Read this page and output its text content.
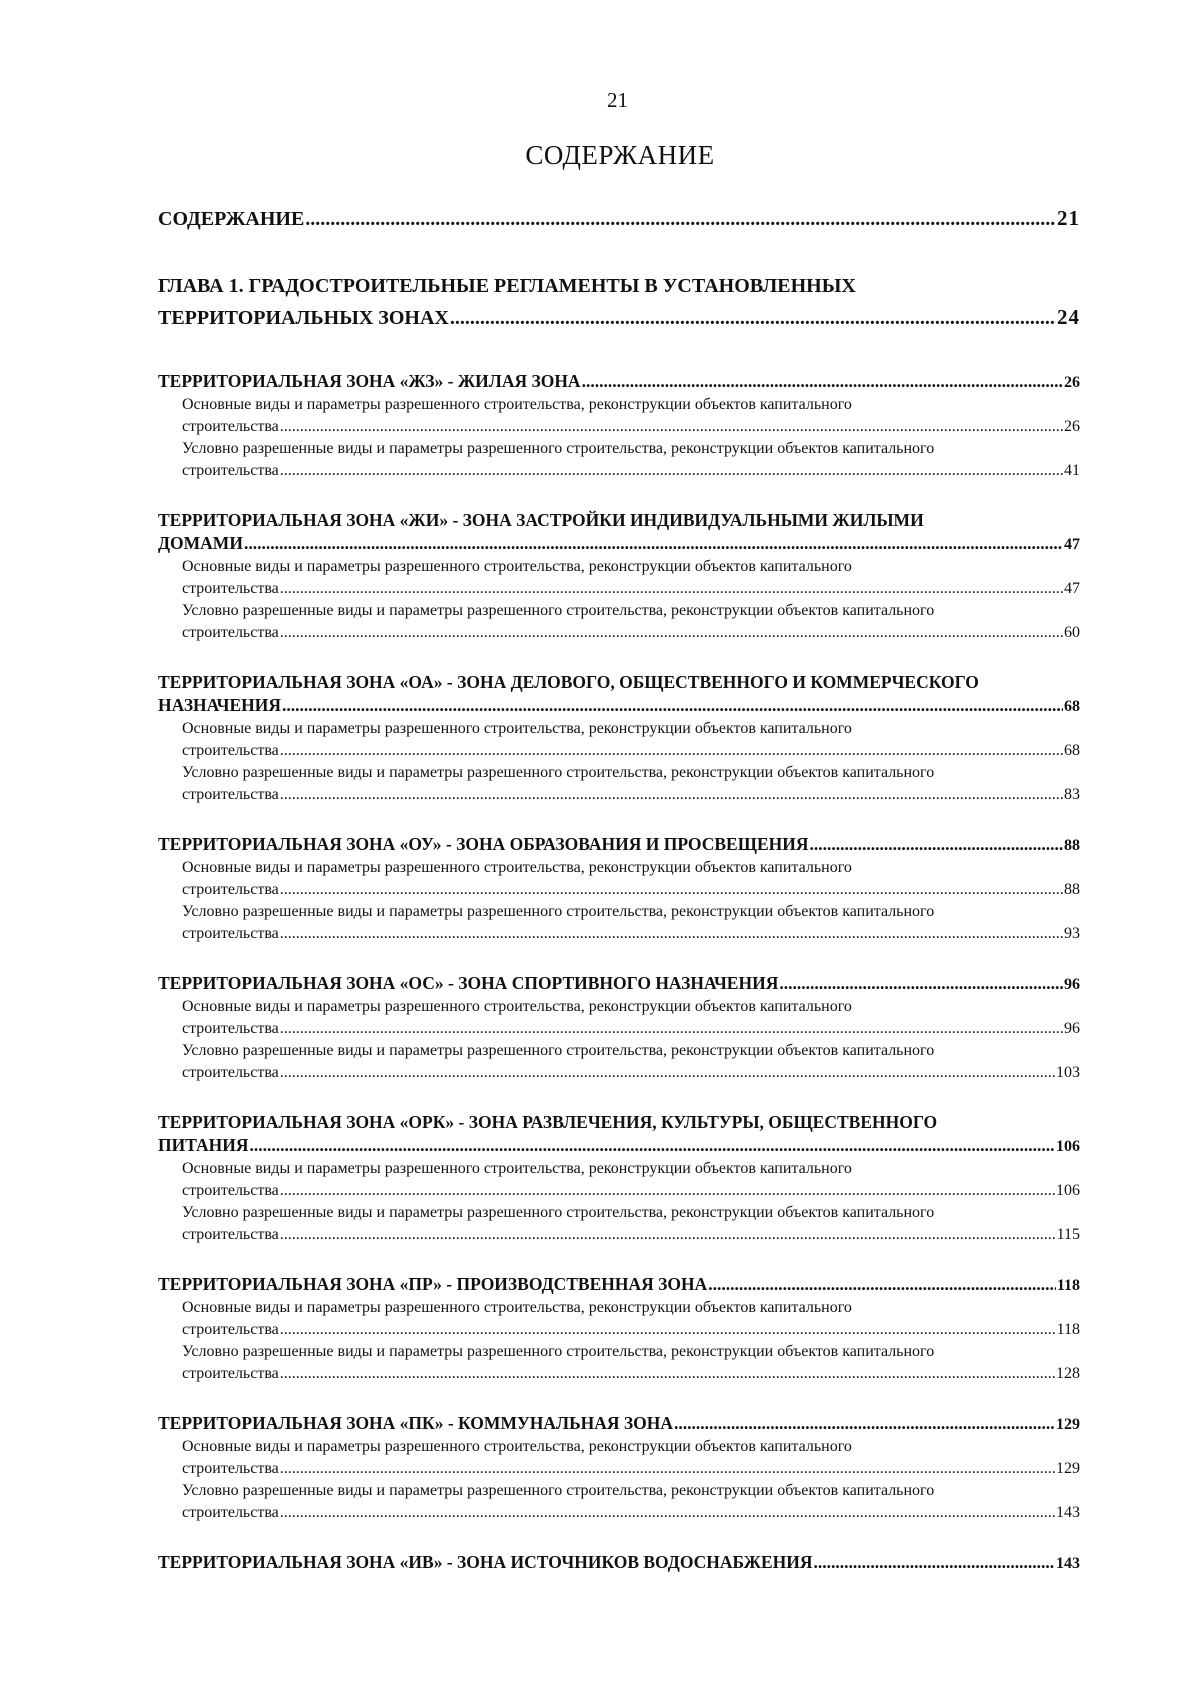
21
СОДЕРЖАНИЕ
СОДЕРЖАНИЕ .....	21
ГЛАВА 1. ГРАДОСТРОИТЕЛЬНЫЕ РЕГЛАМЕНТЫ В УСТАНОВЛЕННЫХ
ТЕРРИТОРИАЛЬНЫХ ЗОНАХ .....	24
ТЕРРИТОРИАЛЬНАЯ ЗОНА «ЖЗ» - ЖИЛАЯ ЗОНА .....	26
Основные виды и параметры разрешенного строительства, реконструкции объектов капитального
строительства .....	26
Условно разрешенные виды и параметры разрешенного строительства, реконструкции объектов капитального
строительства .....	41
ТЕРРИТОРИАЛЬНАЯ ЗОНА «ЖИ» - ЗОНА ЗАСТРОЙКИ ИНДИВИДУАЛЬНЫМИ ЖИЛЫМИ
ДОМАМИ .....	47
Основные виды и параметры разрешенного строительства, реконструкции объектов капитального
строительства .....	47
Условно разрешенные виды и параметры разрешенного строительства, реконструкции объектов капитального
строительства .....	60
ТЕРРИТОРИАЛЬНАЯ ЗОНА «ОА» - ЗОНА ДЕЛОВОГО, ОБЩЕСТВЕННОГО И КОММЕРЧЕСКОГО
НАЗНАЧЕНИЯ .....	68
Основные виды и параметры разрешенного строительства, реконструкции объектов капитального
строительства .....	68
Условно разрешенные виды и параметры разрешенного строительства, реконструкции объектов капитального
строительства .....	83
ТЕРРИТОРИАЛЬНАЯ ЗОНА «ОУ» - ЗОНА ОБРАЗОВАНИЯ И ПРОСВЕЩЕНИЯ .....	88
Основные виды и параметры разрешенного строительства, реконструкции объектов капитального
строительства .....	88
Условно разрешенные виды и параметры разрешенного строительства, реконструкции объектов капитального
строительства .....	93
ТЕРРИТОРИАЛЬНАЯ ЗОНА «ОС» - ЗОНА СПОРТИВНОГО НАЗНАЧЕНИЯ .....	96
Основные виды и параметры разрешенного строительства, реконструкции объектов капитального
строительства .....	96
Условно разрешенные виды и параметры разрешенного строительства, реконструкции объектов капитального
строительства .....	103
ТЕРРИТОРИАЛЬНАЯ ЗОНА «ОРК» - ЗОНА РАЗВЛЕЧЕНИЯ, КУЛЬТУРЫ, ОБЩЕСТВЕННОГО
ПИТАНИЯ .....	106
Основные виды и параметры разрешенного строительства, реконструкции объектов капитального
строительства .....	106
Условно разрешенные виды и параметры разрешенного строительства, реконструкции объектов капитального
строительства .....	115
ТЕРРИТОРИАЛЬНАЯ ЗОНА «ПР» - ПРОИЗВОДСТВЕННАЯ ЗОНА .....	118
Основные виды и параметры разрешенного строительства, реконструкции объектов капитального
строительства .....	118
Условно разрешенные виды и параметры разрешенного строительства, реконструкции объектов капитального
строительства .....	128
ТЕРРИТОРИАЛЬНАЯ ЗОНА «ПК» - КОММУНАЛЬНАЯ ЗОНА .....	129
Основные виды и параметры разрешенного строительства, реконструкции объектов капитального
строительства .....	129
Условно разрешенные виды и параметры разрешенного строительства, реконструкции объектов капитального
строительства .....	143
ТЕРРИТОРИАЛЬНАЯ ЗОНА «ИВ» - ЗОНА ИСТОЧНИКОВ ВОДОСНАБЖЕНИЯ .....	143
